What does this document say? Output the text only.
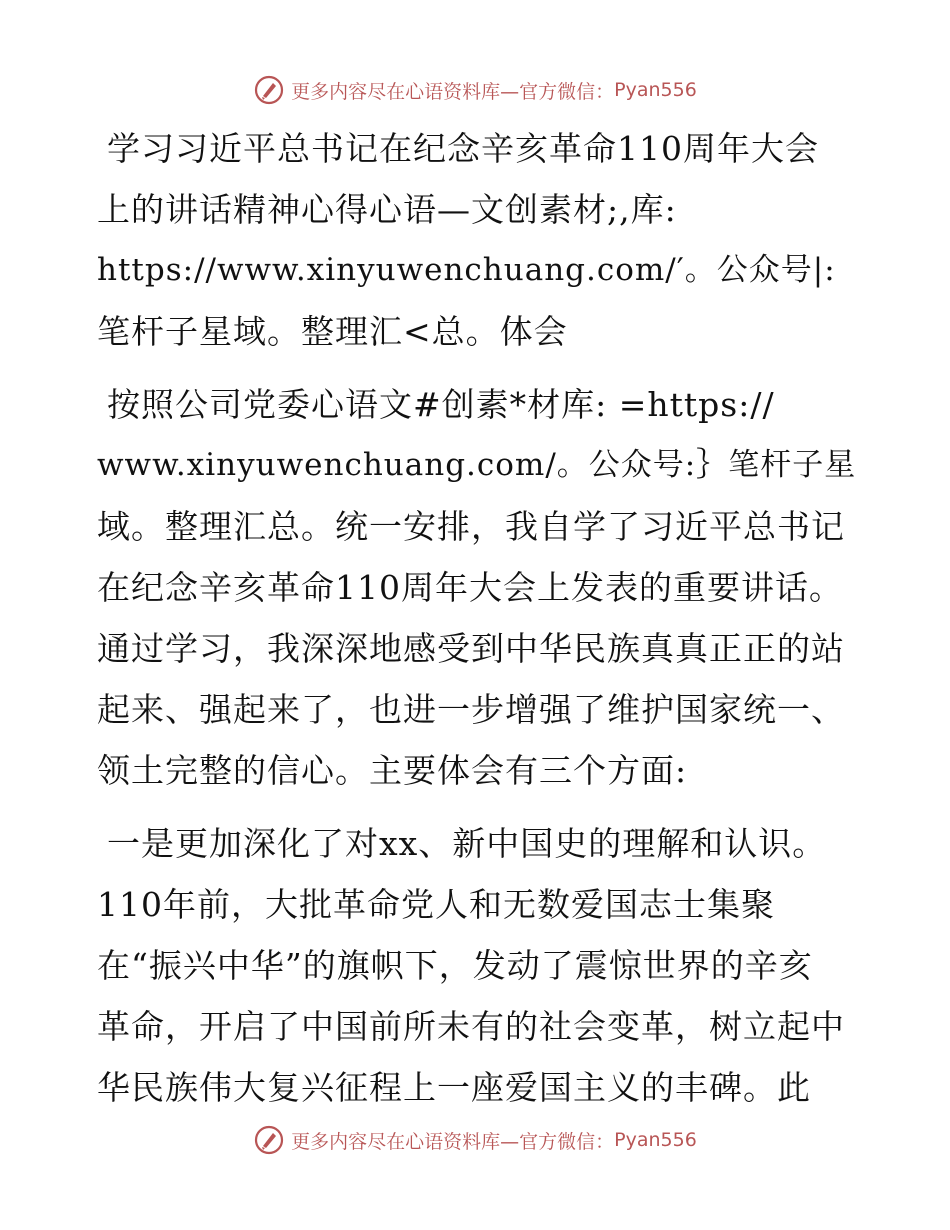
更多内容尽在心语资料库—官方微信： Pyan556
学习习近平总书记在纪念辛亥革命110周年大会
上的讲话精神心得心语—文创素材;,库:
https://www.xinyuwenchuang.com/′。公众号|:
笔杆子星域。整理汇<总。体会
按照公司党委心语文#创素*材库: =https://
www.xinyuwenchuang.com/。公众号:｝笔杆子星
域。整理汇总。统一安排，我自学了习近平总书记
在纪念辛亥革命110周年大会上发表的重要讲话。
通过学习，我深深地感受到中华民族真真正正的站
起来、强起来了，也进一步增强了维护国家统一、
领土完整的信心。主要体会有三个方面:
一是更加深化了对xx、新中国史的理解和认识。
110年前，大批革命党人和无数爱国志士集聚
在“振兴中华”的旗帜下，发动了震惊世界的辛亥
革命，开启了中国前所未有的社会变革，树立起中
华民族伟大复兴征程上一座爱国主义的丰碑。此
更多内容尽在心语资料库—官方微信： Pyan556
